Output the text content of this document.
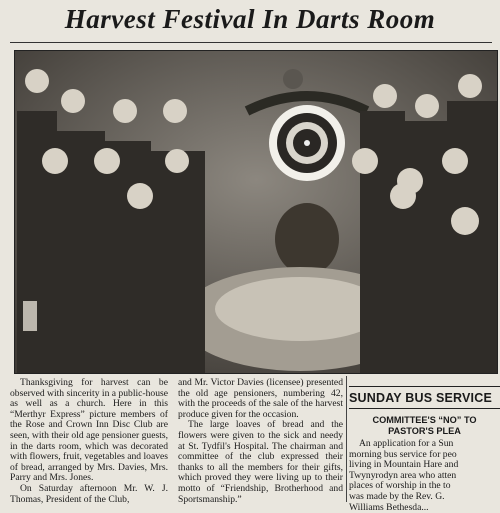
Harvest Festival In Darts Room

Thanksgiving for harvest can be observed with sincerity in a public-house as well as a church. Here in this “Merthyr Express” picture members of the Rose and Crown Inn Disc Club are seen, with their old age pensioner guests, in the darts room, which was decorated with flowers, fruit, vegetables and loaves of bread, arranged by Mrs. Davies, Mrs. Parry and Mrs. Jones.

On Saturday afternoon Mr. W. J. Thomas, President of the Club,

and Mr. Victor Davies (licensee) presented the old age pensioners, numbering 42, with the proceeds of the sale of the harvest produce given for the occasion.

The large loaves of bread and the flowers were given to the sick and needy at St. Tydfil's Hospital. The chairman and committee of the club expressed their thanks to all the members for their gifts, which proved they were living up to their motto of “Friendship, Brotherhood and Sportsmanship.”

SUNDAY BUS SERVICE
COMMITTEE'S “NO” TO
PASTOR'S PLEA
An application for a Sun
morning bus service for peo
living in Mountain Hare and
Twynyrodyn area who atten
places of worship in the to
was made by the Rev. G.
Williams Bethesda...
